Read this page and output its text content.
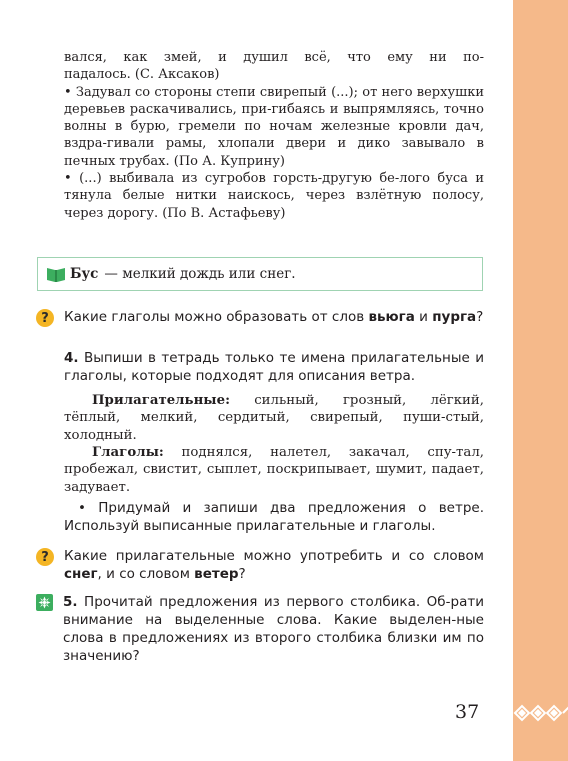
вался, как змей, и душил всё, что ему ни по-

падалось. (С. Аксаков)

• Задувал со стороны степи свирепый (...); от него верхушки деревьев раскачивались, при-гибаясь и выпрямляясь, точно волны в бурю, гремели по ночам железные кровли дач, вздра-гивали рамы, хлопали двери и дико завывало в печных трубах. (По А. Куприну)

• (...) выбивала из сугробов горсть-другую бе-лого буса и тянула белые нитки наискось, через взлётную полосу, через дорогу. (По В. Астафьеву)

Бус — мелкий дождь или снег.
?	Какие глаголы можно образовать от слов вьюга и пурга?
4. Выпиши в тетрадь только те имена прилагательные и глаголы, которые подходят для описания ветра.
Прилагательные: сильный, грозный, лёгкий, тёплый, мелкий, сердитый, свирепый, пуши-стый, холодный.
Глаголы: поднялся, налетел, закачал, спу-тал, пробежал, свистит, сыплет, поскрипывает, шумит, падает, задувает.
• Придумай и запиши два предложения о ветре. Используй выписанные прилагательные и глаголы.
?	Какие прилагательные можно употребить и со словом снег, и со словом ветер?
5. Прочитай предложения из первого столбика. Об-рати внимание на выделенные слова. Какие выделен-ные слова в предложениях из второго столбика близки им по значению?
37
